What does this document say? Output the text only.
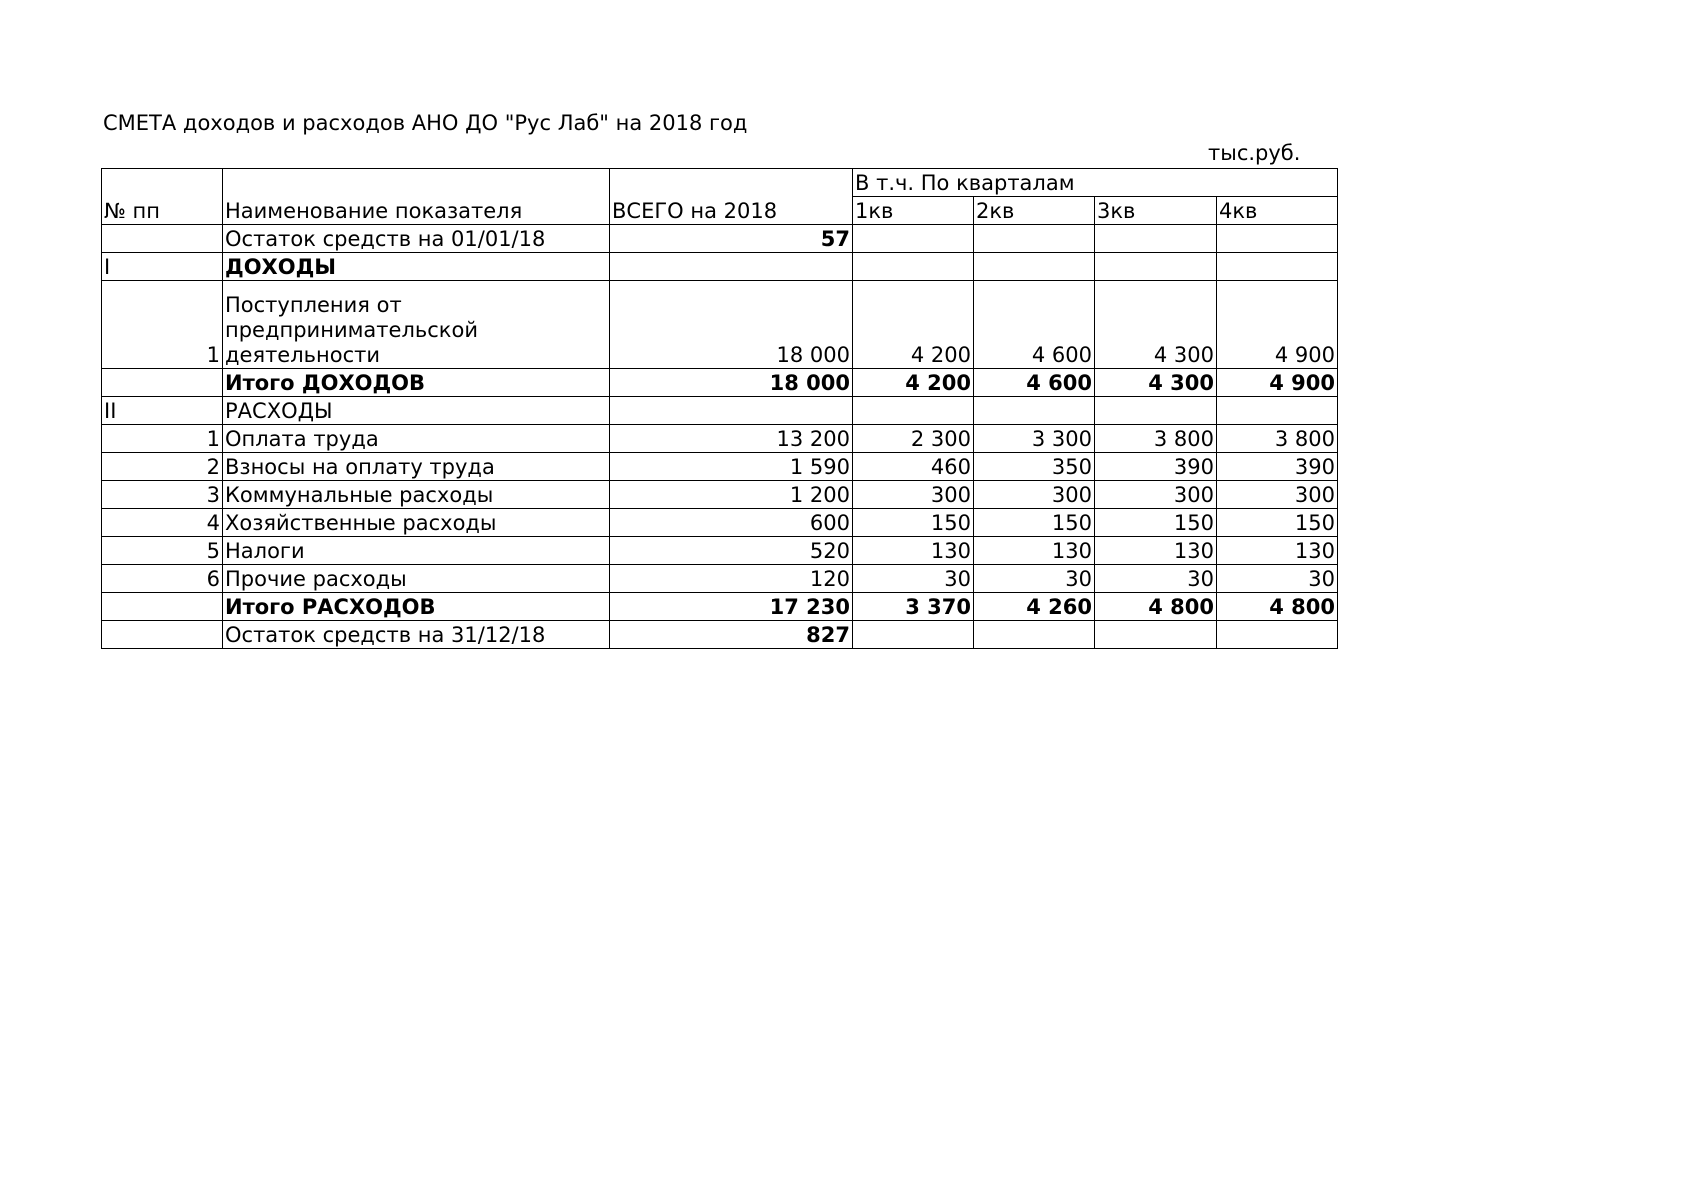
СМЕТА доходов и расходов АНО ДО "Рус Лаб" на 2018 год
тыс.руб.
№ пп	Наименование показателя	ВСЕГО на 2018	В т.ч. По кварталам			
			1кв	2кв	3кв	4кв
	Остаток средств на 01/01/18	57				
I	ДОХОДЫ					
1	Поступления от предпринимательской деятельности	18 000	4 200	4 600	4 300	4 900
	Итого ДОХОДОВ	18 000	4 200	4 600	4 300	4 900
II	РАСХОДЫ					
1	Оплата труда	13 200	2 300	3 300	3 800	3 800
2	Взносы на оплату труда	1 590	460	350	390	390
3	Коммунальные расходы	1 200	300	300	300	300
4	Хозяйственные расходы	600	150	150	150	150
5	Налоги	520	130	130	130	130
6	Прочие расходы	120	30	30	30	30
	Итого РАСХОДОВ	17 230	3 370	4 260	4 800	4 800
	Остаток средств на 31/12/18	827				
